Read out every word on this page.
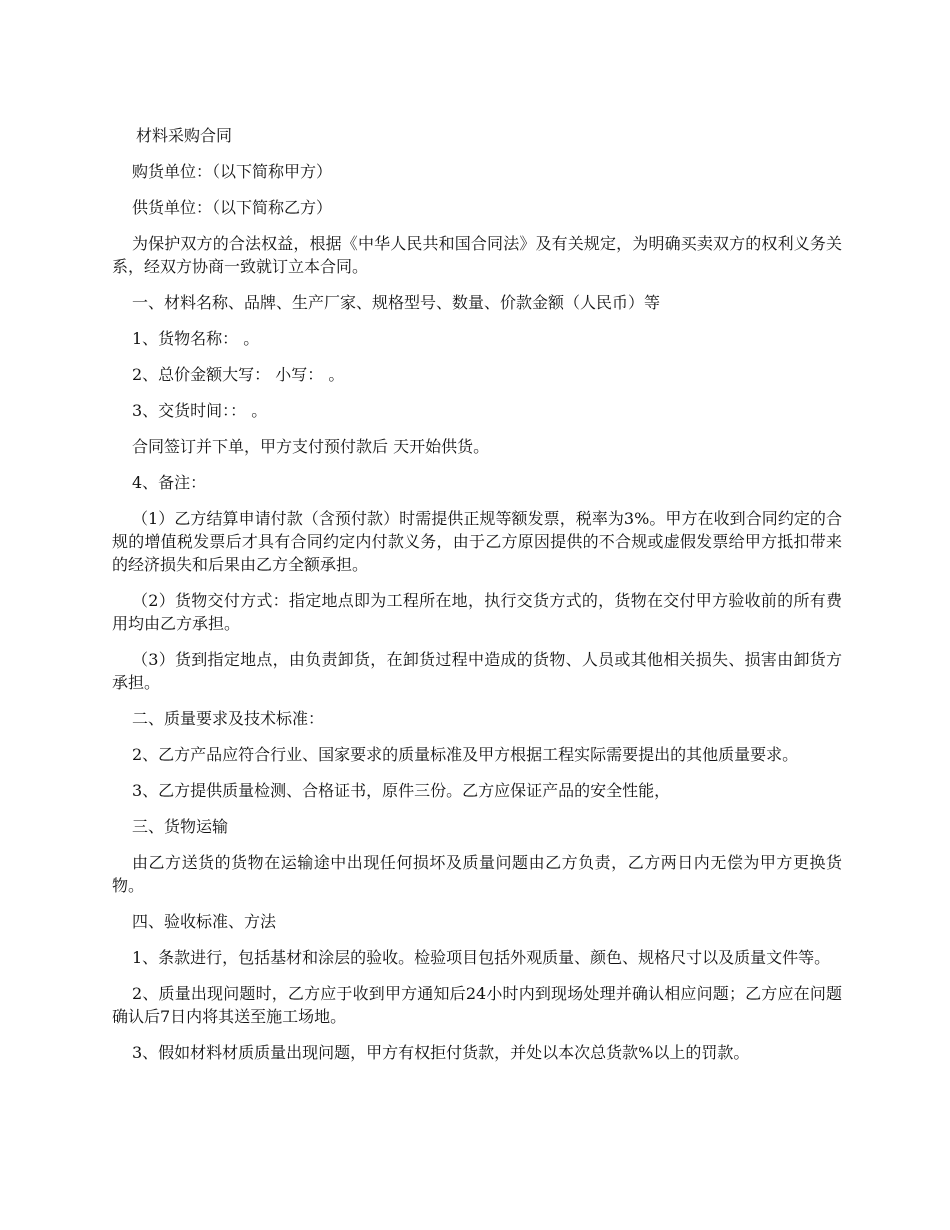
材料采购合同

购货单位：（以下简称甲方）

供货单位：（以下简称乙方）

为保护双方的合法权益，根据《中华人民共和国合同法》及有关规定，为明确买卖双方的权利义务关系，经双方协商一致就订立本合同。

一、材料名称、品牌、生产厂家、规格型号、数量、价款金额（人民币）等

1、货物名称： 。

2、总价金额大写： 小写： 。

3、交货时间：： 。

合同签订并下单，甲方支付预付款后 天开始供货。

4、备注：

（1）乙方结算申请付款（含预付款）时需提供正规等额发票，税率为3%。甲方在收到合同约定的合规的增值税发票后才具有合同约定内付款义务，由于乙方原因提供的不合规或虚假发票给甲方抵扣带来的经济损失和后果由乙方全额承担。

（2）货物交付方式：指定地点即为工程所在地，执行交货方式的，货物在交付甲方验收前的所有费用均由乙方承担。

（3）货到指定地点，由负责卸货，在卸货过程中造成的货物、人员或其他相关损失、损害由卸货方承担。

二、质量要求及技术标准：

2、乙方产品应符合行业、国家要求的质量标准及甲方根据工程实际需要提出的其他质量要求。

3、乙方提供质量检测、合格证书，原件三份。乙方应保证产品的安全性能，

三、货物运输

由乙方送货的货物在运输途中出现任何损坏及质量问题由乙方负责，乙方两日内无偿为甲方更换货物。

四、验收标准、方法

1、条款进行，包括基材和涂层的验收。检验项目包括外观质量、颜色、规格尺寸以及质量文件等。

2、质量出现问题时，乙方应于收到甲方通知后24小时内到现场处理并确认相应问题；乙方应在问题确认后7日内将其送至施工场地。

3、假如材料材质质量出现问题，甲方有权拒付货款，并处以本次总货款%以上的罚款。
